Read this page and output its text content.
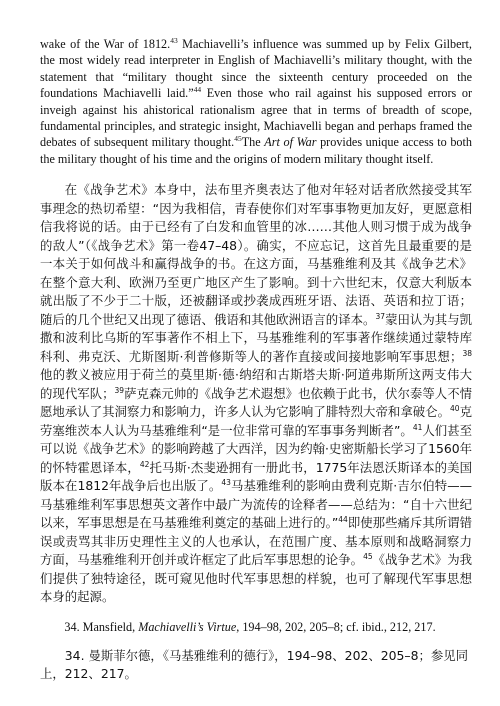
wake of the War of 1812.43 Machiavelli’s influence was summed up by Felix Gilbert, the most widely read interpreter in English of Machiavelli’s military thought, with the statement that “military thought since the sixteenth century proceeded on the foundations Machiavelli laid.”$^{44}$ Even those who rail against his supposed errors or inveigh against his ahistorical rationalism agree that in terms of breadth of scope, fundamental principles, and strategic insight, Machiavelli began and perhaps framed the debates of subsequent military thought.$^{45}$The Art of War provides unique access to both the military thought of his time and the origins of modern military thought itself.

在《战争艺术》本身中，法布里齐奥表达了他对年轻对话者欣然接受其军事理念的热切希望：“因为我相信，青春使你们对军事事物更加友好，更愿意相信我将说的话。由于已经有了白发和血管里的冰……其他人则习惯于成为战争的敌人”（《战争艺术》第一卷47–48）。确实，不应忘记，这首先且最重要的是一本关于如何战斗和赢得战争的书。在这方面，马基雅维利及其《战争艺术》在整个意大利、欧洲乃至更广地区产生了影响。到十六世纪末，仅意大利版本就出版了不少于二十版，还被翻译或抄袭成西班牙语、法语、英语和拉丁语；随后的几个世纪又出现了德语、俄语和其他欧洲语言的译本。$^{37}$蒙田认为其与凯撒和波利比乌斯的军事著作不相上下，马基雅维利的军事著作继续通过蒙特库科利、弗克沃、尤斯图斯·利普修斯等人的著作直接或间接地影响军事思想；$^{38}$他的教义被应用于荷兰的莫里斯·德·纳绍和古斯塔夫斯·阿道弗斯所这两支伟大的现代军队；$^{39}$萨克森元帅的《战争艺术遐想》也依赖于此书，伏尔泰等人不情愿地承认了其洞察力和影响力，许多人认为它影响了腓特烈大帝和拿破仑。$^{40}$克劳塞维茨本人认为马基雅维利“是一位非常可靠的军事事务判断者”。$^{41}$人们甚至可以说《战争艺术》的影响跨越了大西洋，因为约翰·史密斯船长学习了1560年的怀特霍恩译本，$^{42}$托马斯·杰斐逊拥有一册此书，1775年法恩沃斯译本的美国版本在1812年战争后也出版了。$^{43}$马基雅维利的影响由费利克斯·吉尔伯特——马基雅维利军事思想英文著作中最广为流传的诠释者——总结为：“自十六世纪以来，军事思想是在马基雅维利奠定的基础上进行的。”$^{44}$即使那些痛斥其所谓错误或责骂其非历史理性主义的人也承认，在范围广度、基本原则和战略洞察力方面，马基雅维利开创并或许框定了此后军事思想的论争。$^{45}$《战争艺术》为我们提供了独特途径，既可窥见他时代军事思想的样貌，也可了解现代军事思想本身的起源。

34. Mansfield, Machiavelli’s Virtue, 194–98, 202, 205–8; cf. ibid., 212, 217.

34. 曼斯菲尔德，《马基雅维利的德行》，194–98、202、205–8；参见同上，212、217。
